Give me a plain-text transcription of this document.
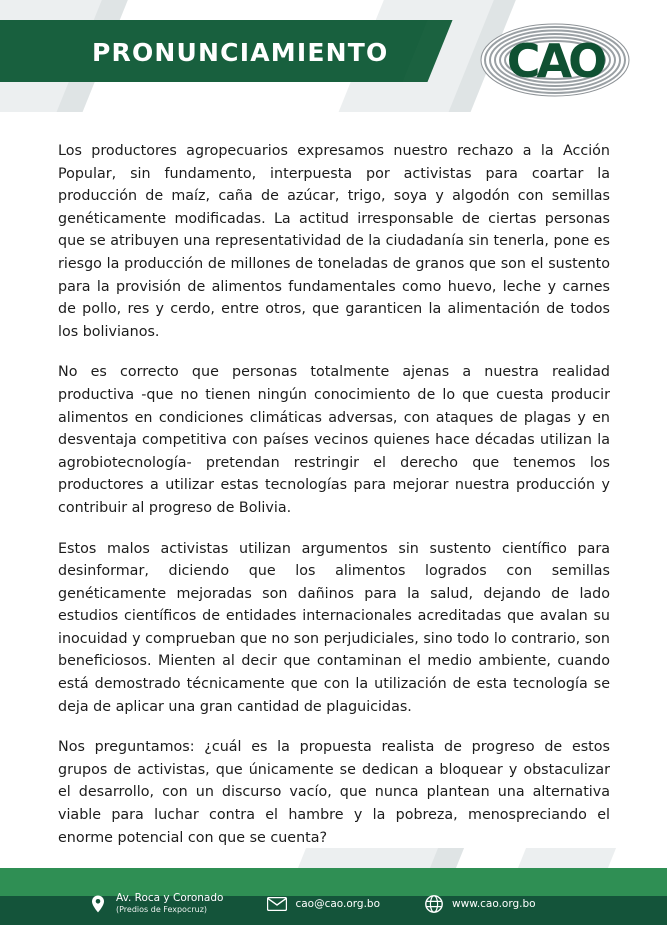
PRONUNCIAMIENTO	CAO

Los productores agropecuarios expresamos nuestro rechazo a la Acción Popular, sin fundamento, interpuesta por activistas para coartar la producción de maíz, caña de azúcar, trigo, soya y algodón con semillas genéticamente modificadas. La actitud irresponsable de ciertas personas que se atribuyen una representatividad de la ciudadanía sin tenerla, pone es riesgo la producción de millones de toneladas de granos que son el sustento para la provisión de alimentos fundamentales como huevo, leche y carnes de pollo, res y cerdo, entre otros, que garanticen la alimentación de todos los bolivianos.

No es correcto que personas totalmente ajenas a nuestra realidad productiva -que no tienen ningún conocimiento de lo que cuesta producir alimentos en condiciones climáticas adversas, con ataques de plagas y en desventaja competitiva con países vecinos quienes hace décadas utilizan la agrobiotecnología- pretendan restringir el derecho que tenemos los productores a utilizar estas tecnologías para mejorar nuestra producción y contribuir al progreso de Bolivia.

Estos malos activistas utilizan argumentos sin sustento científico para desinformar, diciendo que los alimentos logrados con semillas genéticamente mejoradas son dañinos para la salud, dejando de lado estudios científicos de entidades internacionales acreditadas que avalan su inocuidad y comprueban que no son perjudiciales, sino todo lo contrario, son beneficiosos. Mienten al decir que contaminan el medio ambiente, cuando está demostrado técnicamente que con la utilización de esta tecnología se deja de aplicar una gran cantidad de plaguicidas.

Nos preguntamos: ¿cuál es la propuesta realista de progreso de estos grupos de activistas, que únicamente se dedican a bloquear y obstaculizar el desarrollo, con un discurso vacío, que nunca plantean una alternativa viable para luchar contra el hambre y la pobreza, menospreciando el enorme potencial con que se cuenta?

Av. Roca y Coronado
(Predios de Fexpocruz)	cao@cao.org.bo	www.cao.org.bo
